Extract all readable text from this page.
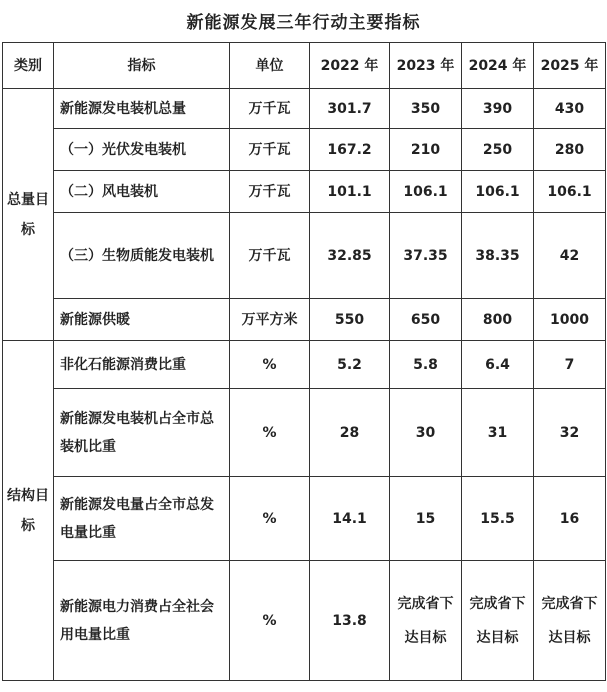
新能源发展三年行动主要指标
类别	指标	单位	2022 年	2023 年	2024 年	2025 年
总量目标	新能源发电装机总量	万千瓦	301.7	350	390	430
	（一）光伏发电装机	万千瓦	167.2	210	250	280
	（二）风电装机	万千瓦	101.1	106.1	106.1	106.1
	（三）生物质能发电装机	万千瓦	32.85	37.35	38.35	42
	新能源供暖	万平方米	550	650	800	1000
结构目标	非化石能源消费比重	%	5.2	5.8	6.4	7
	新能源发电装机占全市总装机比重	%	28	30	31	32
	新能源发电量占全市总发电量比重	%	14.1	15	15.5	16
	新能源电力消费占全社会用电量比重	%	13.8	完成省下达目标	完成省下达目标	完成省下达目标
